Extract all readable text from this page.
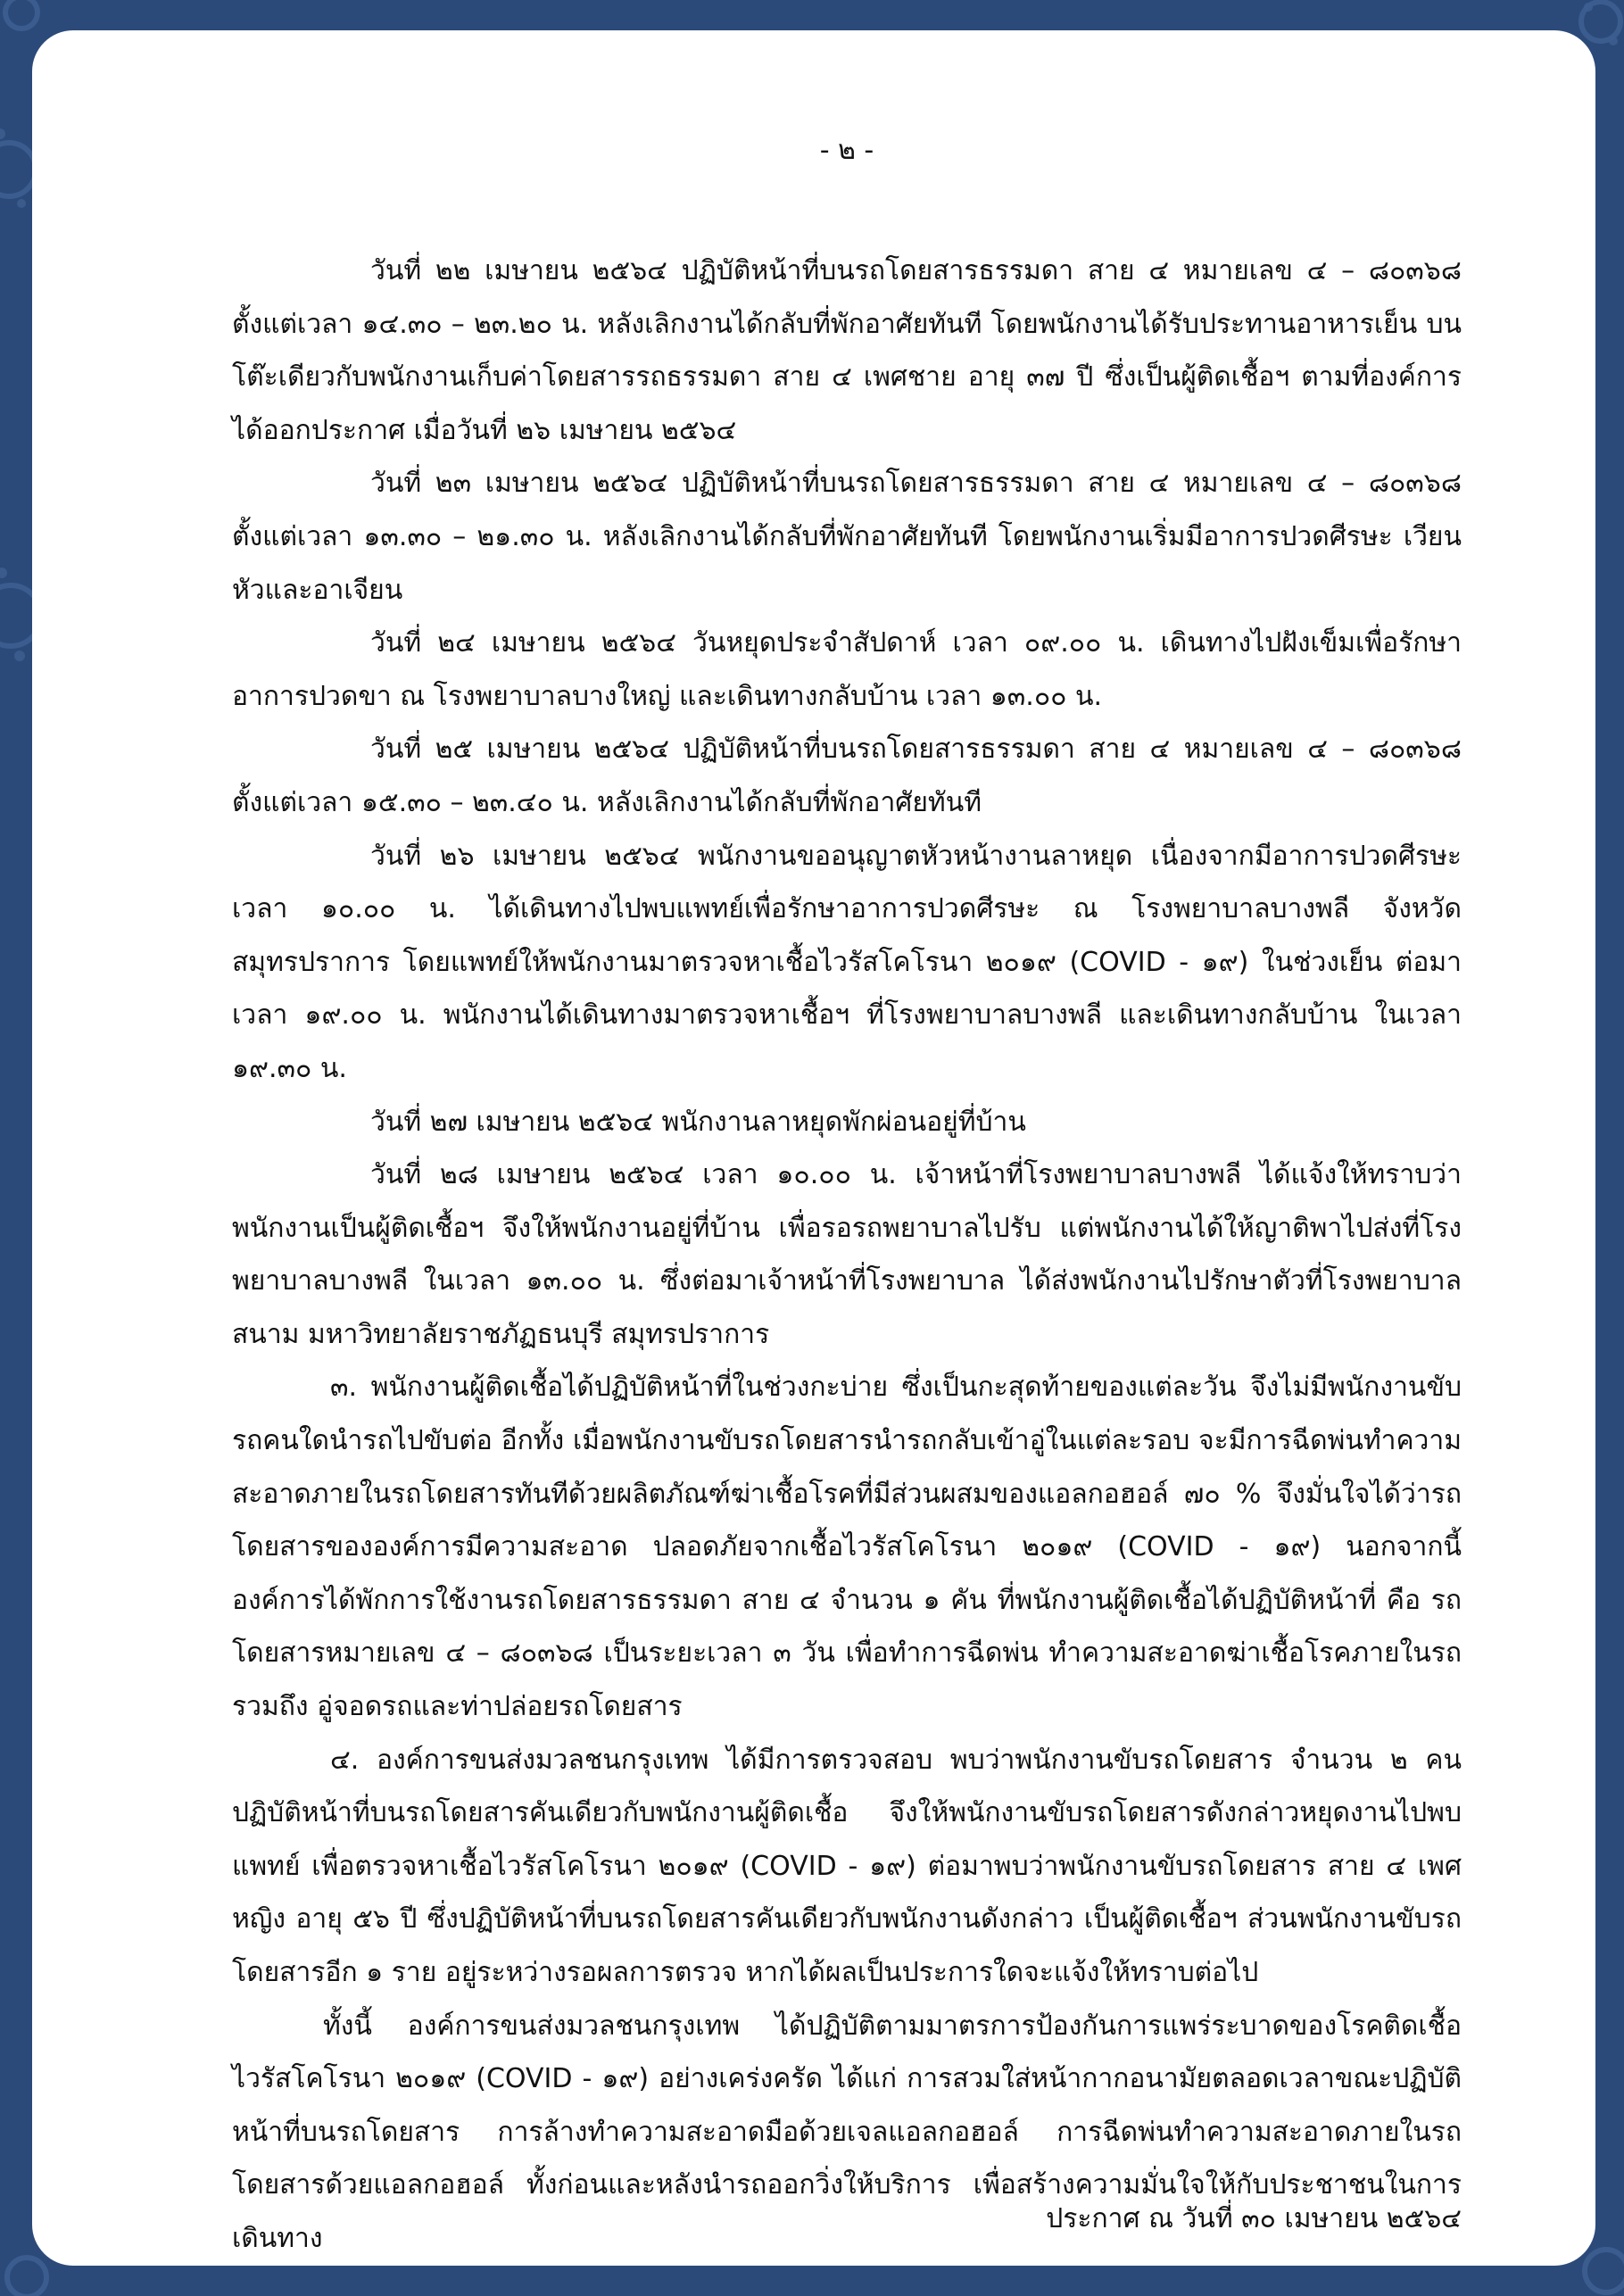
- ๒ -

วันที่ ๒๒ เมษายน ๒๕๖๔ ปฏิบัติหน้าที่บนรถโดยสารธรรมดา สาย ๔ หมายเลข ๔ – ๘๐๓๖๘ ตั้งแต่เวลา ๑๔.๓๐ – ๒๓.๒๐ น. หลังเลิกงานได้กลับที่พักอาศัยทันที โดยพนักงานได้รับประทานอาหารเย็น บนโต๊ะเดียวกับพนักงานเก็บค่าโดยสารรถธรรมดา สาย ๔ เพศชาย อายุ ๓๗ ปี ซึ่งเป็นผู้ติดเชื้อฯ ตามที่องค์การได้ออกประกาศ เมื่อวันที่ ๒๖ เมษายน ๒๕๖๔

วันที่ ๒๓ เมษายน ๒๕๖๔ ปฏิบัติหน้าที่บนรถโดยสารธรรมดา สาย ๔ หมายเลข ๔ – ๘๐๓๖๘ ตั้งแต่เวลา ๑๓.๓๐ – ๒๑.๓๐ น. หลังเลิกงานได้กลับที่พักอาศัยทันที โดยพนักงานเริ่มมีอาการปวดศีรษะ เวียนหัวและอาเจียน

วันที่ ๒๔ เมษายน ๒๕๖๔ วันหยุดประจำสัปดาห์ เวลา ๐๙.๐๐ น. เดินทางไปฝังเข็มเพื่อรักษาอาการปวดขา ณ โรงพยาบาลบางใหญ่ และเดินทางกลับบ้าน เวลา ๑๓.๐๐ น.

วันที่ ๒๕ เมษายน ๒๕๖๔ ปฏิบัติหน้าที่บนรถโดยสารธรรมดา สาย ๔ หมายเลข ๔ – ๘๐๓๖๘ ตั้งแต่เวลา ๑๕.๓๐ – ๒๓.๔๐ น. หลังเลิกงานได้กลับที่พักอาศัยทันที

วันที่ ๒๖ เมษายน ๒๕๖๔ พนักงานขออนุญาตหัวหน้างานลาหยุด เนื่องจากมีอาการปวดศีรษะ เวลา ๑๐.๐๐ น. ได้เดินทางไปพบแพทย์เพื่อรักษาอาการปวดศีรษะ ณ โรงพยาบาลบางพลี จังหวัดสมุทรปราการ โดยแพทย์ให้พนักงานมาตรวจหาเชื้อไวรัสโคโรนา ๒๐๑๙ (COVID - ๑๙) ในช่วงเย็น ต่อมาเวลา ๑๙.๐๐ น. พนักงานได้เดินทางมาตรวจหาเชื้อฯ ที่โรงพยาบาลบางพลี และเดินทางกลับบ้าน ในเวลา ๑๙.๓๐ น.

วันที่ ๒๗ เมษายน ๒๕๖๔ พนักงานลาหยุดพักผ่อนอยู่ที่บ้าน

วันที่ ๒๘ เมษายน ๒๕๖๔ เวลา ๑๐.๐๐ น. เจ้าหน้าที่โรงพยาบาลบางพลี ได้แจ้งให้ทราบว่า พนักงานเป็นผู้ติดเชื้อฯ จึงให้พนักงานอยู่ที่บ้าน เพื่อรอรถพยาบาลไปรับ แต่พนักงานได้ให้ญาติพาไปส่งที่โรงพยาบาลบางพลี ในเวลา ๑๓.๐๐ น. ซึ่งต่อมาเจ้าหน้าที่โรงพยาบาล ได้ส่งพนักงานไปรักษาตัวที่โรงพยาบาลสนาม มหาวิทยาลัยราชภัฏธนบุรี สมุทรปราการ

๓. พนักงานผู้ติดเชื้อได้ปฏิบัติหน้าที่ในช่วงกะบ่าย ซึ่งเป็นกะสุดท้ายของแต่ละวัน จึงไม่มีพนักงานขับรถคนใดนำรถไปขับต่อ อีกทั้ง เมื่อพนักงานขับรถโดยสารนำรถกลับเข้าอู่ในแต่ละรอบ จะมีการฉีดพ่นทำความสะอาดภายในรถโดยสารทันทีด้วยผลิตภัณฑ์ฆ่าเชื้อโรคที่มีส่วนผสมของแอลกอฮอล์ ๗๐ % จึงมั่นใจได้ว่ารถโดยสารขององค์การมีความสะอาด ปลอดภัยจากเชื้อไวรัสโคโรนา ๒๐๑๙ (COVID - ๑๙) นอกจากนี้ องค์การได้พักการใช้งานรถโดยสารธรรมดา สาย ๔ จำนวน ๑ คัน ที่พนักงานผู้ติดเชื้อได้ปฏิบัติหน้าที่ คือ รถโดยสารหมายเลข ๔ – ๘๐๓๖๘ เป็นระยะเวลา ๓ วัน เพื่อทำการฉีดพ่น ทำความสะอาดฆ่าเชื้อโรคภายในรถ รวมถึง อู่จอดรถและท่าปล่อยรถโดยสาร

๔. องค์การขนส่งมวลชนกรุงเทพ ได้มีการตรวจสอบ พบว่าพนักงานขับรถโดยสาร จำนวน ๒ คน ปฏิบัติหน้าที่บนรถโดยสารคันเดียวกับพนักงานผู้ติดเชื้อ จึงให้พนักงานขับรถโดยสารดังกล่าวหยุดงานไปพบแพทย์ เพื่อตรวจหาเชื้อไวรัสโคโรนา ๒๐๑๙ (COVID - ๑๙) ต่อมาพบว่าพนักงานขับรถโดยสาร สาย ๔ เพศหญิง อายุ ๕๖ ปี ซึ่งปฏิบัติหน้าที่บนรถโดยสารคันเดียวกับพนักงานดังกล่าว เป็นผู้ติดเชื้อฯ ส่วนพนักงานขับรถโดยสารอีก ๑ ราย อยู่ระหว่างรอผลการตรวจ หากได้ผลเป็นประการใดจะแจ้งให้ทราบต่อไป

ทั้งนี้ องค์การขนส่งมวลชนกรุงเทพ ได้ปฏิบัติตามมาตรการป้องกันการแพร่ระบาดของโรคติดเชื้อไวรัสโคโรนา ๒๐๑๙ (COVID - ๑๙) อย่างเคร่งครัด ได้แก่ การสวมใส่หน้ากากอนามัยตลอดเวลาขณะปฏิบัติหน้าที่บนรถโดยสาร การล้างทำความสะอาดมือด้วยเจลแอลกอฮอล์ การฉีดพ่นทำความสะอาดภายในรถโดยสารด้วยแอลกอฮอล์ ทั้งก่อนและหลังนำรถออกวิ่งให้บริการ เพื่อสร้างความมั่นใจให้กับประชาชนในการเดินทาง

ประกาศ ณ วันที่ ๓๐ เมษายน ๒๕๖๔
